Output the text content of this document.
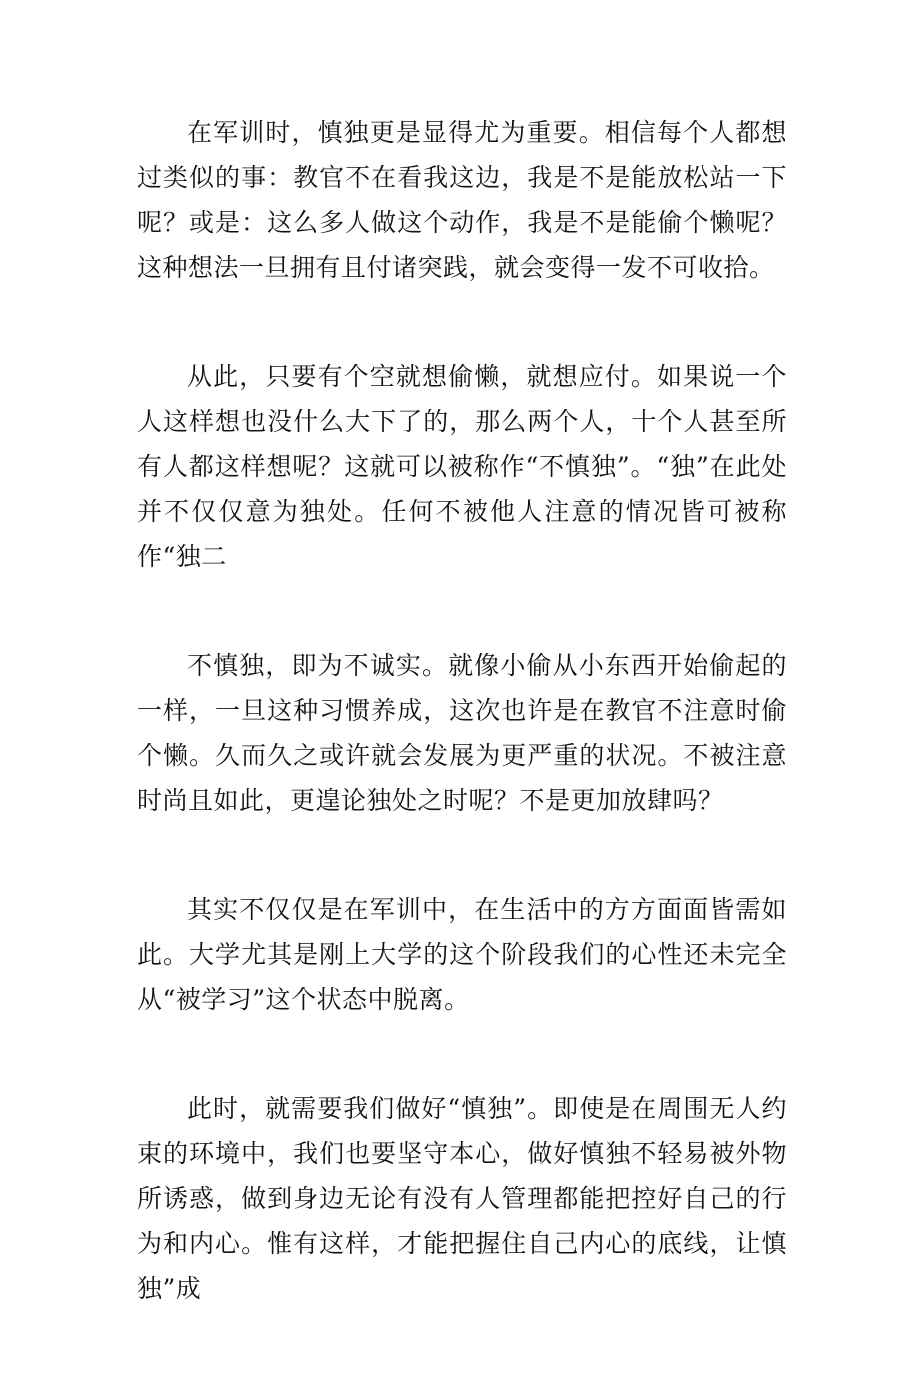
在军训时，慎独更是显得尤为重要。相信每个人都想过类似的事：教官不在看我这边，我是不是能放松站一下呢？或是：这么多人做这个动作，我是不是能偷个懒呢？这种想法一旦拥有且付诸突践，就会变得一发不可收拾。

从此，只要有个空就想偷懒，就想应付。如果说一个人这样想也没什么大下了的，那么两个人，十个人甚至所有人都这样想呢？这就可以被称作“不慎独”。“独”在此处并不仅仅意为独处。任何不被他人注意的情况皆可被称作“独二

不慎独，即为不诚实。就像小偷从小东西开始偷起的一样，一旦这种习惯养成，这次也许是在教官不注意时偷个懒。久而久之或许就会发展为更严重的状况。不被注意时尚且如此，更遑论独处之时呢？不是更加放肆吗？

其实不仅仅是在军训中，在生活中的方方面面皆需如此。大学尤其是刚上大学的这个阶段我们的心性还未完全从“被学习”这个状态中脱离。

此时，就需要我们做好“慎独”。即使是在周围无人约束的环境中，我们也要坚守本心，做好慎独不轻易被外物所诱惑，做到身边无论有没有人管理都能把控好自己的行为和内心。惟有这样，才能把握住自己内心的底线，让慎独”成
